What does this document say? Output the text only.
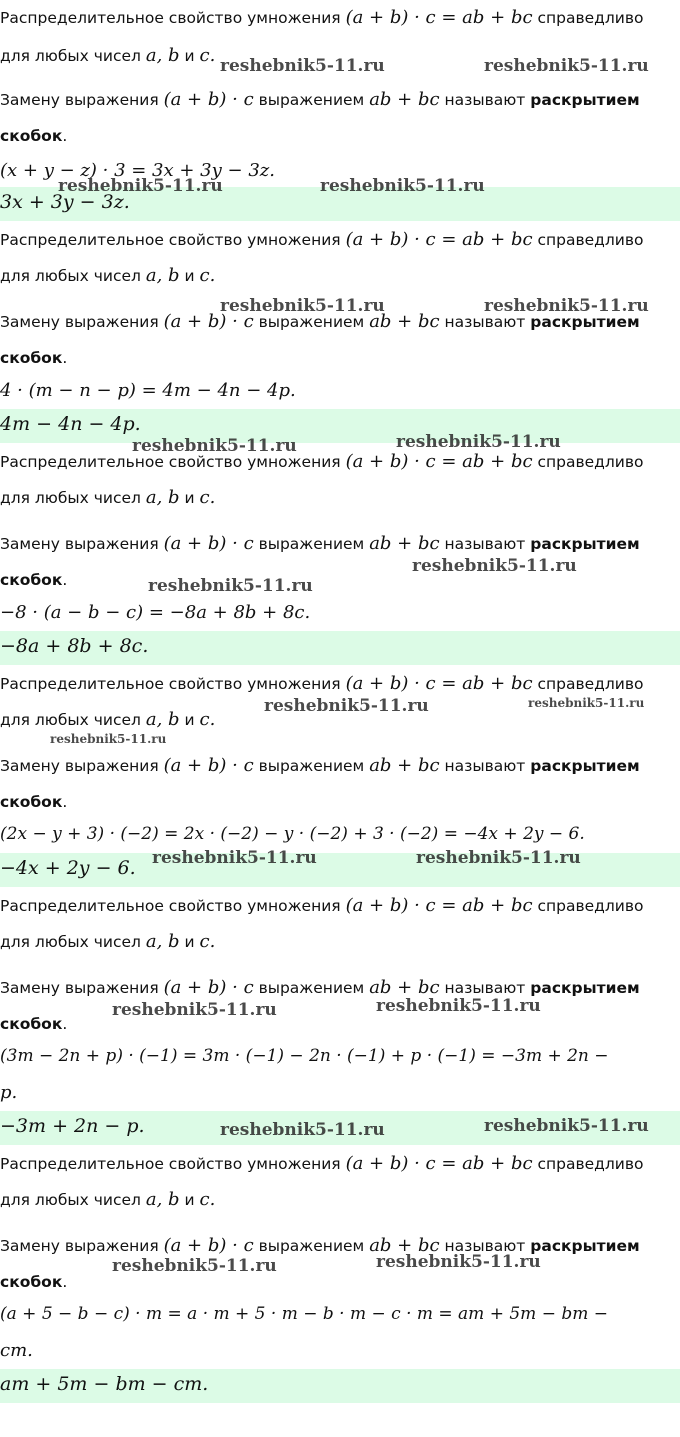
Распределительное свойство умножения (a + b) · c = ab + bc справедливо
для любых чисел a, b и c.
Замену выражения (a + b) · c выражением ab + bc называют раскрытием
скобок.
(x + y − z) · 3 = 3x + 3y − 3z.
3x + 3y − 3z.
Распределительное свойство умножения (a + b) · c = ab + bc справедливо
для любых чисел a, b и c.
Замену выражения (a + b) · c выражением ab + bc называют раскрытием
скобок.
4 · (m − n − p) = 4m − 4n − 4p.
4m − 4n − 4p.
Распределительное свойство умножения (a + b) · c = ab + bc справедливо
для любых чисел a, b и c.
Замену выражения (a + b) · c выражением ab + bc называют раскрытием
скобок.
−8 · (a − b − c) = −8a + 8b + 8c.
−8a + 8b + 8c.
Распределительное свойство умножения (a + b) · c = ab + bc справедливо
для любых чисел a, b и c.
Замену выражения (a + b) · c выражением ab + bc называют раскрытием
скобок.
(2x − y + 3) · (−2) = 2x · (−2) − y · (−2) + 3 · (−2) = −4x + 2y − 6.
−4x + 2y − 6.
Распределительное свойство умножения (a + b) · c = ab + bc справедливо
для любых чисел a, b и c.
Замену выражения (a + b) · c выражением ab + bc называют раскрытием
скобок.
(3m − 2n + p) · (−1) = 3m · (−1) − 2n · (−1) + p · (−1) = −3m + 2n −
p.
−3m + 2n − p.
Распределительное свойство умножения (a + b) · c = ab + bc справедливо
для любых чисел a, b и c.
Замену выражения (a + b) · c выражением ab + bc называют раскрытием
скобок.
(a + 5 − b − c) · m = a · m + 5 · m − b · m − c · m = am + 5m − bm −
cm.
am + 5m − bm − cm.
reshebnik5-11.ru	reshebnik5-11.ru
reshebnik5-11.ru	reshebnik5-11.ru
reshebnik5-11.ru	reshebnik5-11.ru
reshebnik5-11.ru	reshebnik5-11.ru
reshebnik5-11.ru
reshebnik5-11.ru
reshebnik5-11.ru	reshebnik5-11.ru
reshebnik5-11.ru
reshebnik5-11.ru	reshebnik5-11.ru
reshebnik5-11.ru
reshebnik5-11.ru
reshebnik5-11.ru	reshebnik5-11.ru
reshebnik5-11.ru
reshebnik5-11.ru
